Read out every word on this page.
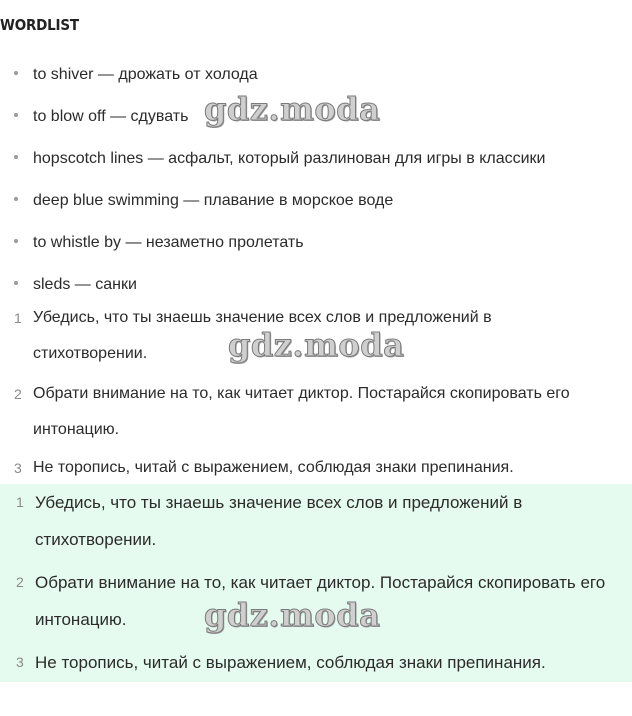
WORDLIST
to shiver — дрожать от холода
to blow off — сдувать
hopscotch lines — асфальт, который разлинован для игры в классики
deep blue swimming — плавание в морское воде
to whistle by — незаметно пролетать
sleds — санки
1 Убедись, что ты знаешь значение всех слов и предложений в стихотворении.
2 Обрати внимание на то, как читает диктор. Постарайся скопировать его интонацию.
3 Не торопись, читай с выражением, соблюдая знаки препинания.
1 Убедись, что ты знаешь значение всех слов и предложений в стихотворении.
2 Обрати внимание на то, как читает диктор. Постарайся скопировать его интонацию.
3 Не торопись, читай с выражением, соблюдая знаки препинания.
gdz.moda
gdz.moda
gdz.moda
